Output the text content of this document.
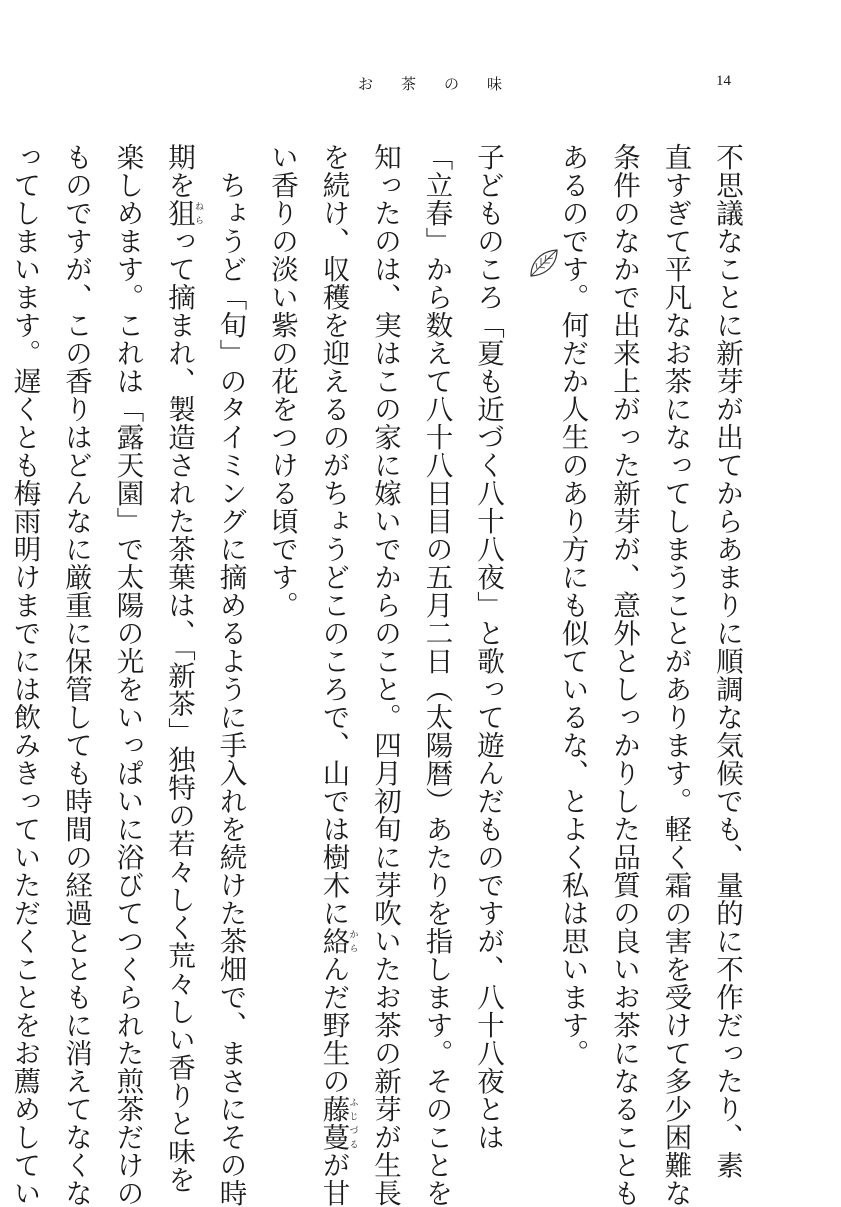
お 茶 の 味	14
不思議なことに新芽が出てからあまりに順調な気候でも、量的に不作だったり、素
直すぎて平凡なお茶になってしまうことがあります。軽く霜の害を受けて多少困難な
条件のなかで出来上がった新芽が、意外としっかりした品質の良いお茶になることも
あるのです。何だか人生のあり方にも似ているな、とよく私は思います。
子どものころ「夏も近づく八十八夜」と歌って遊んだものですが、八十八夜とは
「立春」から数えて八十八日目の五月二日（太陽暦）あたりを指します。そのことを
知ったのは、実はこの家に嫁いでからのこと。四月初旬に芽吹いたお茶の新芽が生長
を続け、収穫を迎えるのがちょうどこのころで、山では樹木に絡からんだ野生の藤蔓ふじづるが甘
い香りの淡い紫の花をつける頃です。
　ちょうど「旬」のタイミングに摘めるように手入れを続けた茶畑で、まさにその時
期を狙ねらって摘まれ、製造された茶葉は、「新茶」独特の若々しく荒々しい香りと味を
楽しめます。これは「露天園」で太陽の光をいっぱいに浴びてつくられた煎茶だけの
ものですが、この香りはどんなに厳重に保管しても時間の経過とともに消えてなくな
ってしまいます。遅くとも梅雨明けまでには飲みきっていただくことをお薦めしてい
